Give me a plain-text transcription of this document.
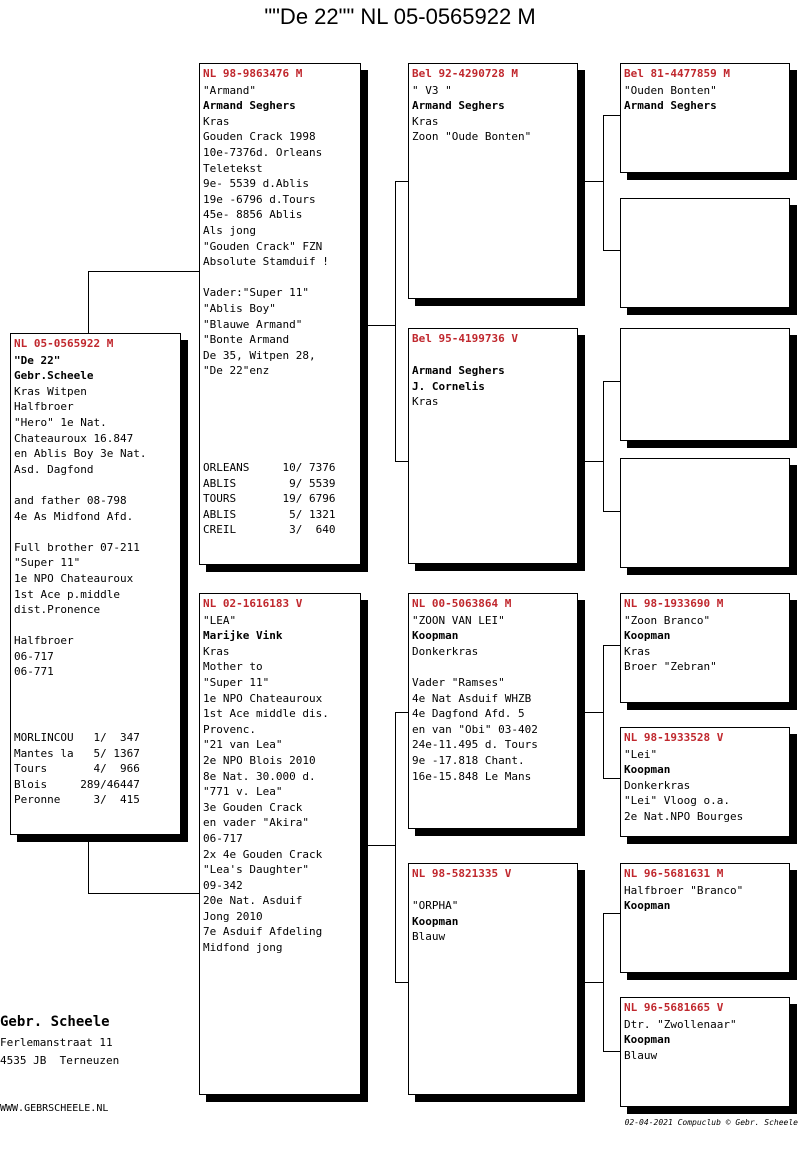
""De 22"" NL 05-0565922 M
NL 05-0565922 M
"De 22"
Gebr.Scheele
Kras Witpen
Halfbroer
"Hero" 1e Nat.
Chateauroux 16.847
en Ablis Boy 3e Nat.
Asd. Dagfond

and father 08-798
4e As Midfond Afd.

Full brother 07-211
"Super 11"
1e NPO Chateauroux
1st Ace p.middle
dist.Pronence

Halfbroer
06-717
06-771
MORLINCOU   1/  347
Mantes la   5/ 1367
Tours       4/  966
Blois     289/46447
Peronne     3/  415
NL 98-9863476 M
"Armand"
Armand Seghers
Kras
Gouden Crack 1998
10e-7376d. Orleans
Teletekst
9e- 5539 d.Ablis
19e -6796 d.Tours
45e- 8856 Ablis
Als jong
"Gouden Crack" FZN
Absolute Stamduif !

Vader:"Super 11"
"Ablis Boy"
"Blauwe Armand"
"Bonte Armand
De 35, Witpen 28,
"De 22"enz
ORLEANS     10/ 7376
ABLIS        9/ 5539
TOURS       19/ 6796
ABLIS        5/ 1321
CREIL        3/  640
NL 02-1616183 V
"LEA"
Marijke Vink
Kras
Mother to
"Super 11"
1e NPO Chateauroux
1st Ace middle dis.
Provenc.
"21 van Lea"
2e NPO Blois 2010
8e Nat. 30.000 d.
"771 v. Lea"
3e Gouden Crack
en vader "Akira"
06-717
2x 4e Gouden Crack
"Lea's Daughter"
09-342
20e Nat. Asduif
Jong 2010
7e Asduif Afdeling
Midfond jong
Bel 92-4290728 M
" V3 "
Armand Seghers
Kras
Zoon "Oude Bonten"
Bel 95-4199736 V

Armand Seghers
J. Cornelis
Kras
NL 00-5063864 M
"ZOON VAN LEI"
Koopman
Donkerkras

Vader "Ramses"
4e Nat Asduif WHZB
4e Dagfond Afd. 5
en van "Obi" 03-402
24e-11.495 d. Tours
9e -17.818 Chant.
16e-15.848 Le Mans
NL 98-5821335 V

"ORPHA"
Koopman
Blauw
Bel 81-4477859 M
"Ouden Bonten"
Armand Seghers
NL 98-1933690 M
"Zoon Branco"
Koopman
Kras
Broer "Zebran"
NL 98-1933528 V
"Lei"
Koopman
Donkerkras
"Lei" Vloog o.a.
2e Nat.NPO Bourges
NL 96-5681631 M
Halfbroer "Branco"
Koopman
NL 96-5681665 V
Dtr. "Zwollenaar"
Koopman
Blauw
Gebr. Scheele
Ferlemanstraat 11
4535 JB  Terneuzen
WWW.GEBRSCHEELE.NL
02-04-2021 Compuclub © Gebr. Scheele
